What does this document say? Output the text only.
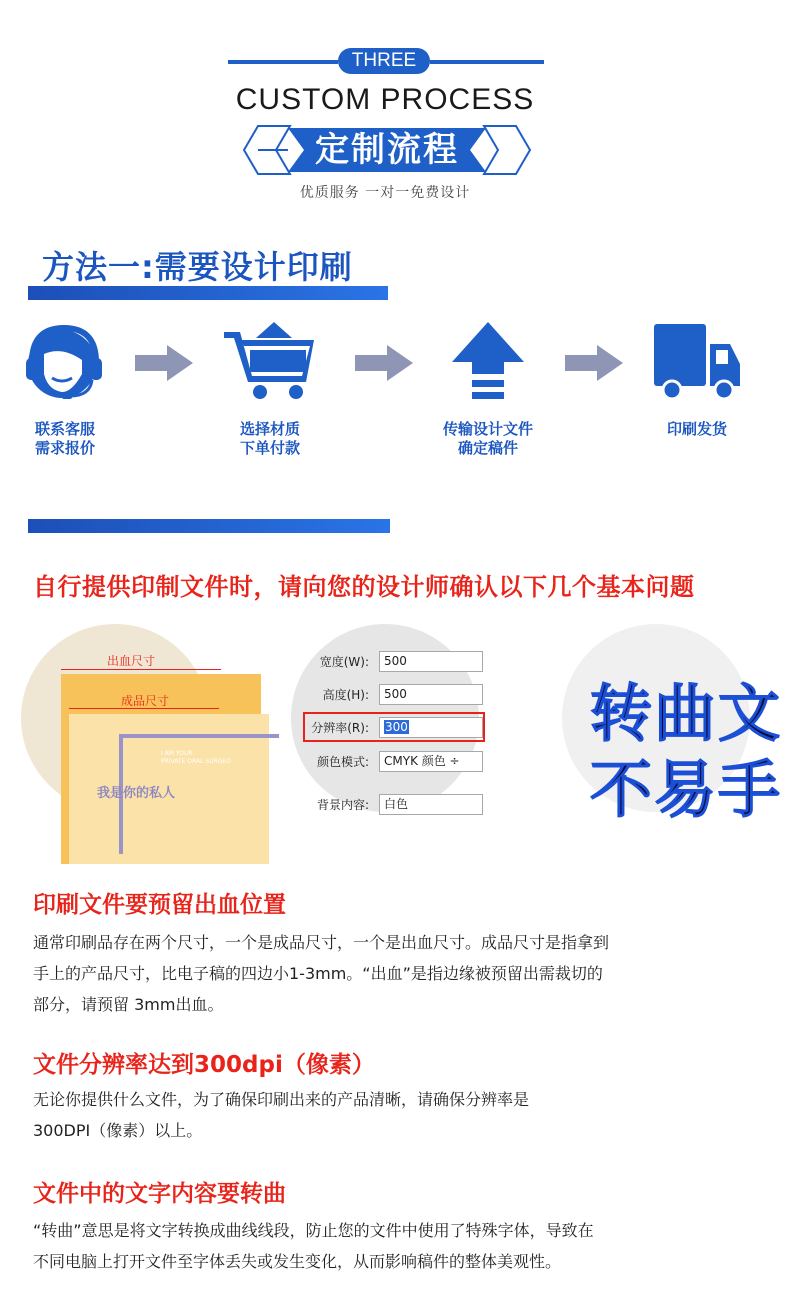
THREE
CUSTOM PROCESS
定制流程
优质服务 一对一免费设计
方法一:需要设计印刷
联系客服
需求报价
选择材质
下单付款
传输设计文件
确定稿件
印刷发货
自行提供印制文件时，请向您的设计师确认以下几个基本问题
出血尺寸
成品尺寸
I AM YOUR
PRIVATE ORAL SURGEO
我是你的私人
宽度(W):	500
高度(H):	500
分辨率(R):	300
颜色模式:	CMYK 颜色 ÷
背景内容:	白色
转曲文
不易手
印刷文件要预留出血位置
通常印刷品存在两个尺寸，一个是成品尺寸，一个是出血尺寸。成品尺寸是指拿到
手上的产品尺寸，比电子稿的四边小1-3mm。“出血”是指边缘被预留出需裁切的
部分，请预留 3mm出血。
文件分辨率达到300dpi（像素）
无论你提供什么文件，为了确保印刷出来的产品清晰，请确保分辨率是
300DPI（像素）以上。
文件中的文字内容要转曲
“转曲”意思是将文字转换成曲线线段，防止您的文件中使用了特殊字体，导致在
不同电脑上打开文件至字体丢失或发生变化，从而影响稿件的整体美观性。
